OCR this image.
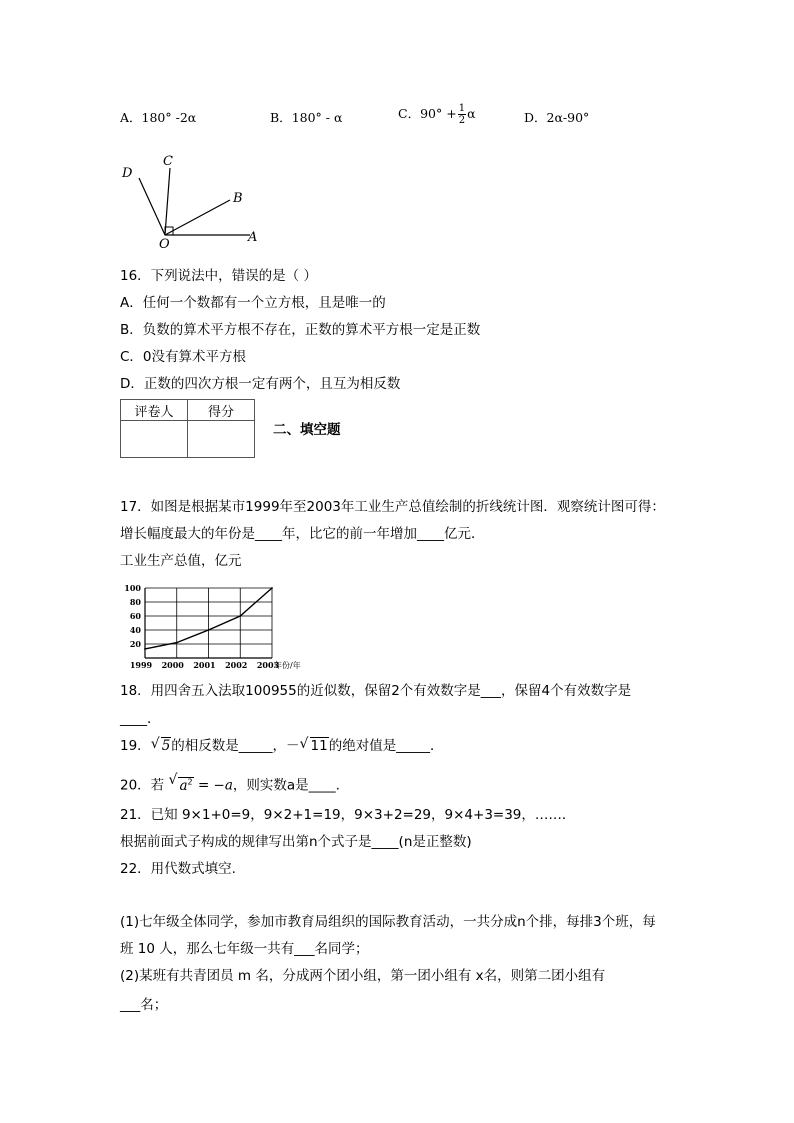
A．180° -2α	B．180° - α	C．$90^\circ + \frac{1}{2}$ α	D．2α-90°
D
C
B
O	A
16．下列说法中，错误的是（ ）
A．任何一个数都有一个立方根，且是唯一的
B．负数的算术平方根不存在，正数的算术平方根一定是正数
C．0没有算术平方根
D．正数的四次方根一定有两个，且互为相反数
评卷人	得分

二、填空题
17．如图是根据某市1999年至2003年工业生产总值绘制的折线统计图．观察统计图可得：
增长幅度最大的年份是____年，比它的前一年增加____亿元．
工业生产总值，亿元
20
40
60
80
100
1999 2000 2001 2002 2003
年份/年
18．用四舍五入法取100955的近似数，保留2个有效数字是___，保留4个有效数字是
____．
19． √ 5的相反数是_____，－ √ 11的绝对值是_____．
20．若 √ $a^2 = -a$，则实数a是____.
21．已知 9×1+0=9，9×2+1=19，9×3+2=29，9×4+3=39，……．
根据前面式子构成的规律写出第n个式子是____(n是正整数)
22．用代数式填空.
(1)七年级全体同学，参加市教育局组织的国际教育活动，一共分成n个排，每排3个班，每
班 10 人，那么七年级一共有___名同学；
(2)某班有共青团员 m 名，分成两个团小组，第一团小组有 x名，则第二团小组有
___名；
